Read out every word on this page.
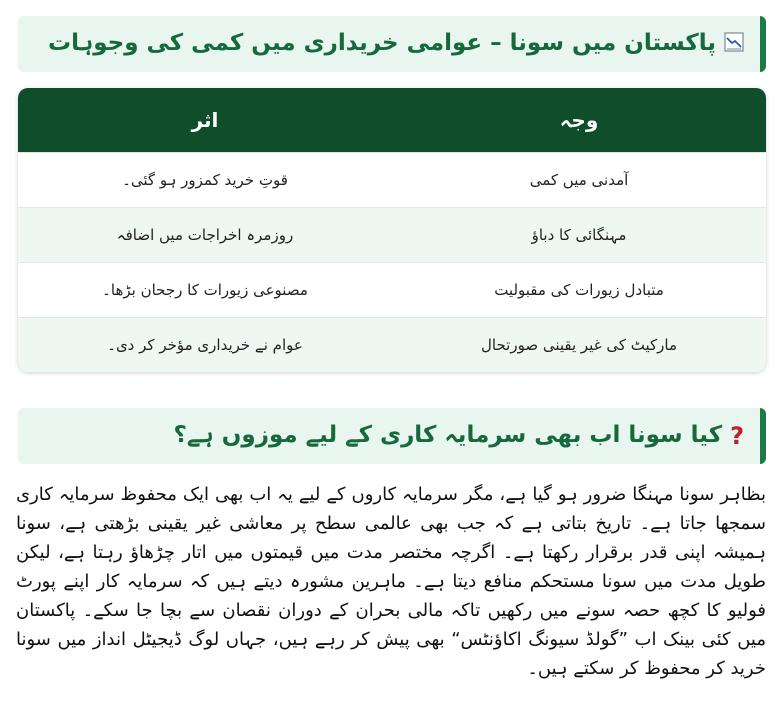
پاکستان میں سونا – عوامی خریداری میں کمی کی وجوہات
وجہ	اثر
آمدنی میں کمی	قوتِ خرید کمزور ہو گئی۔
مہنگائی کا دباؤ	روزمرہ اخراجات میں اضافہ
متبادل زیورات کی مقبولیت	مصنوعی زیورات کا رجحان بڑھا۔
مارکیٹ کی غیر یقینی صورتحال	عوام نے خریداری مؤخر کر دی۔
?
کیا سونا اب بھی سرمایہ کاری کے لیے موزوں ہے؟

بظاہر سونا مہنگا ضرور ہو گیا ہے، مگر سرمایہ کاروں کے لیے یہ اب بھی ایک محفوظ سرمایہ کاری سمجھا جاتا ہے۔ تاریخ بتاتی ہے کہ جب بھی عالمی سطح پر معاشی غیر یقینی بڑھتی ہے، سونا ہمیشہ اپنی قدر برقرار رکھتا ہے۔ اگرچہ مختصر مدت میں قیمتوں میں اتار چڑھاؤ رہتا ہے، لیکن طویل مدت میں سونا مستحکم منافع دیتا ہے۔ ماہرین مشورہ دیتے ہیں کہ سرمایہ کار اپنے پورٹ فولیو کا کچھ حصہ سونے میں رکھیں تاکہ مالی بحران کے دوران نقصان سے بچا جا سکے۔ پاکستان میں کئی بینک اب ”گولڈ سیونگ اکاؤنٹس“ بھی پیش کر رہے ہیں، جہاں لوگ ڈیجیٹل انداز میں سونا خرید کر محفوظ کر سکتے ہیں۔
